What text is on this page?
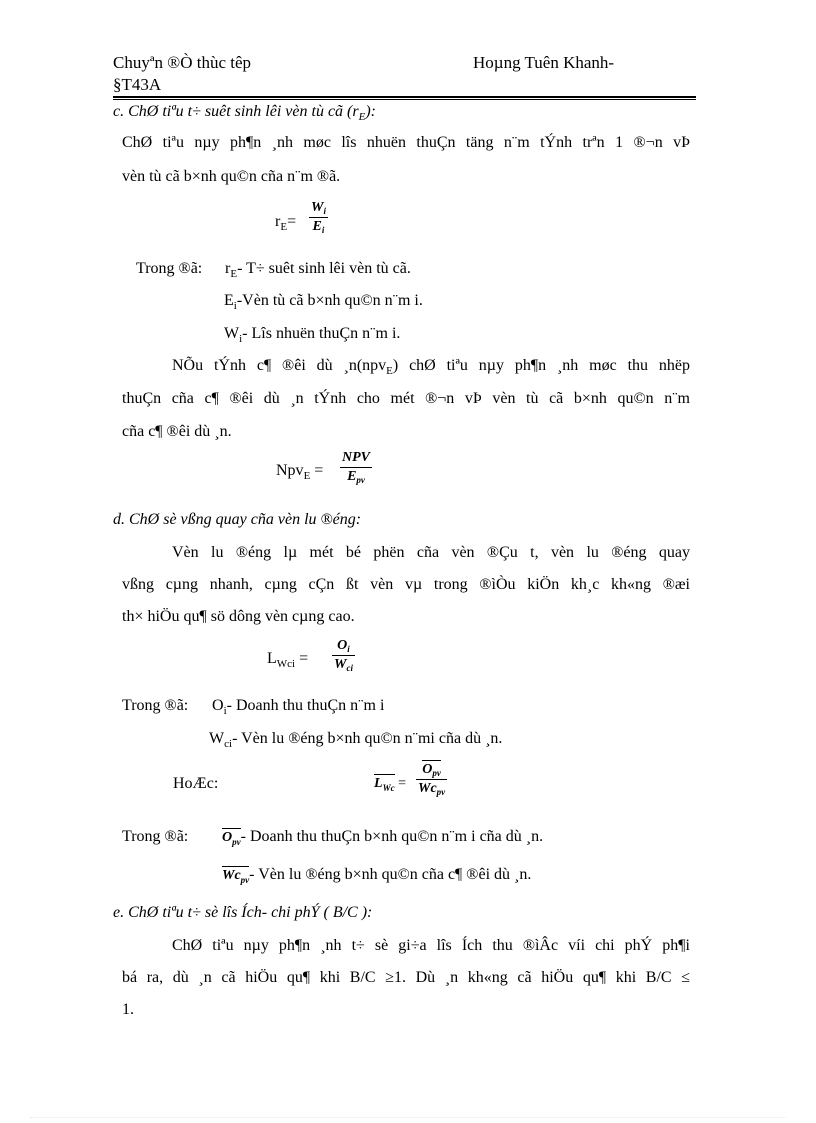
Chuyªn ®Ò thùc têp	Hoµng Tuên Khanh-
§T43A
c. ChØ tiªu t÷ suêt sinh lêi vèn tù cã $(r_E)$:
ChØ tiªu nµy ph¶n ¸nh møc lîs nhuën thuÇn täng n¨m tÝnh trªn 1 ®¬n vÞ
vèn tù cã b×nh qu©n cña n¨m ®ã.
$r_E=$
$W_i$
$E_i$
Trong ®ã: $r_E-$ T÷ suêt sinh lêi vèn tù cã.
$E_i$-Vèn tù cã b×nh qu©n n¨m i.
$W_i-$ Lîs nhuën thuÇn n¨m i.
NÕu tÝnh c¶ ®êi dù ¸n(npv$_E$) chØ tiªu nµy ph¶n ¸nh møc thu nhëp
thuÇn cña c¶ ®êi dù ¸n tÝnh cho mét ®¬n vÞ vèn tù cã b×nh qu©n n¨m
cña c¶ ®êi dù ¸n.
Npv$_E$ =
NPV
$E_{pv}$
d. ChØ sè vßng quay cña vèn lu ®éng:
Vèn lu ®éng lµ mét bé phën cña vèn ®Çu t, vèn lu ®éng quay
vßng cµng nhanh, cµng cÇn ßt vèn vµ trong ®ìÒu kiÖn kh¸c kh«ng ®æi
th× hiÖu qu¶ sö dông vèn cµng cao.
$L_{Wci}$ =
$O_i$
$W_{ci}$
Trong ®ã: $O_i-$ Doanh thu thuÇn n¨m i
$W_{ci}-$ Vèn lu ®éng b×nh qu©n n¨mi cña dù ¸n.
HoÆc:	$L_{Wc}$ =
$O_{pv}$
$Wc_{pv}$
Trong ®ã: $O_{pv}-$ Doanh thu thuÇn b×nh qu©n n¨m i cña dù ¸n.
$Wc_{pv}-$ Vèn lu ®éng b×nh qu©n cña c¶ ®êi dù ¸n.
e. ChØ tiªu t÷ sè lîs Ích- chi phÝ ( B/C ):
ChØ tiªu nµy ph¶n ¸nh t÷ sè gi÷a lîs Ích thu ®ìÂc víi chi phÝ ph¶i
bá ra, dù ¸n cã hiÖu qu¶ khi B/C ≥1. Dù ¸n kh«ng cã hiÖu qu¶ khi B/C ≤
1.
